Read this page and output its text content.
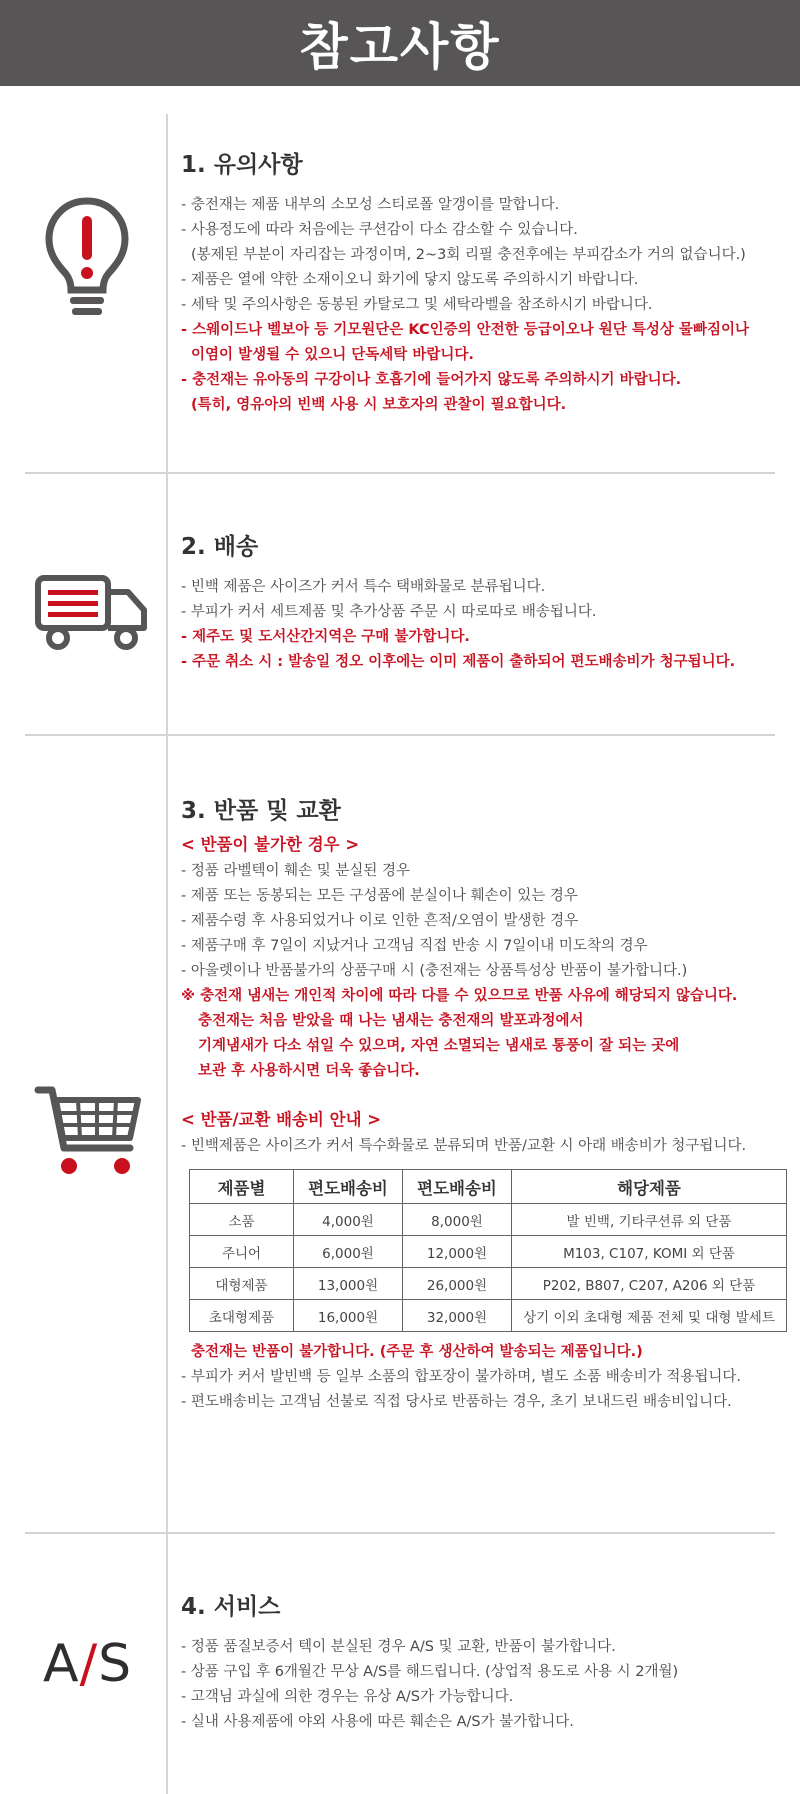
참고사항
1. 유의사항
- 충전재는 제품 내부의 소모성 스티로폴 알갱이를 말합니다.
- 사용정도에 따라 처음에는 쿠션감이 다소 감소할 수 있습니다.
(봉제된 부분이 자리잡는 과정이며, 2~3회 리필 충전후에는 부피감소가 거의 없습니다.)
- 제품은 열에 약한 소재이오니 화기에 닿지 않도록 주의하시기 바랍니다.
- 세탁 및 주의사항은 동봉된 카탈로그 및 세탁라벨을 참조하시기 바랍니다.
- 스웨이드나 벨보아 등 기모원단은 KC인증의 안전한 등급이오나 원단 특성상 물빠짐이나
이염이 발생될 수 있으니 단독세탁 바랍니다.
- 충전재는 유아동의 구강이나 호흡기에 들어가지 않도록 주의하시기 바랍니다.
(특히, 영유아의 빈백 사용 시 보호자의 관찰이 필요합니다.
2. 배송
- 빈백 제품은 사이즈가 커서 특수 택배화물로 분류됩니다.
- 부피가 커서 세트제품 및 추가상품 주문 시 따로따로 배송됩니다.
- 제주도 및 도서산간지역은 구매 불가합니다.
- 주문 취소 시 : 발송일 정오 이후에는 이미 제품이 출하되어 편도배송비가 청구됩니다.
3. 반품 및 교환
< 반품이 불가한 경우 >
- 정품 라벨텍이 훼손 및 분실된 경우
- 제품 또는 동봉되는 모든 구성품에 분실이나 훼손이 있는 경우
- 제품수령 후 사용되었거나 이로 인한 흔적/오염이 발생한 경우
- 제품구매 후 7일이 지났거나 고객님 직접 반송 시 7일이내 미도착의 경우
- 아울렛이나 반품불가의 상품구매 시 (충전재는 상품특성상 반품이 불가합니다.)
※ 충전재 냄새는 개인적 차이에 따라 다를 수 있으므로 반품 사유에 해당되지 않습니다.
충전재는 처음 받았을 때 나는 냄새는 충전재의 발포과정에서
기계냄새가 다소 섞일 수 있으며, 자연 소멸되는 냄새로 통풍이 잘 되는 곳에
보관 후 사용하시면 더욱 좋습니다.
< 반품/교환 배송비 안내 >
- 빈백제품은 사이즈가 커서 특수화물로 분류되며 반품/교환 시 아래 배송비가 청구됩니다.
제품별	편도배송비	편도배송비	해당제품
소품	4,000원	8,000원	발 빈백, 기타쿠션류 외 단품
주니어	6,000원	12,000원	M103, C107, KOMI 외 단품
대형제품	13,000원	26,000원	P202, B807, C207, A206 외 단품
초대형제품	16,000원	32,000원	상기 이외 초대형 제품 전체 및 대형 발세트
충전재는 반품이 불가합니다. (주문 후 생산하여 발송되는 제품입니다.)
- 부피가 커서 발빈백 등 일부 소품의 합포장이 불가하며, 별도 소품 배송비가 적용됩니다.
- 편도배송비는 고객님 선불로 직접 당사로 반품하는 경우, 초기 보내드린 배송비입니다.
A/S
4. 서비스
- 정품 품질보증서 텍이 분실된 경우 A/S 및 교환, 반품이 불가합니다.
- 상품 구입 후 6개월간 무상 A/S를 해드립니다. (상업적 용도로 사용 시 2개월)
- 고객님 과실에 의한 경우는 유상 A/S가 가능합니다.
- 실내 사용제품에 야외 사용에 따른 훼손은 A/S가 불가합니다.
